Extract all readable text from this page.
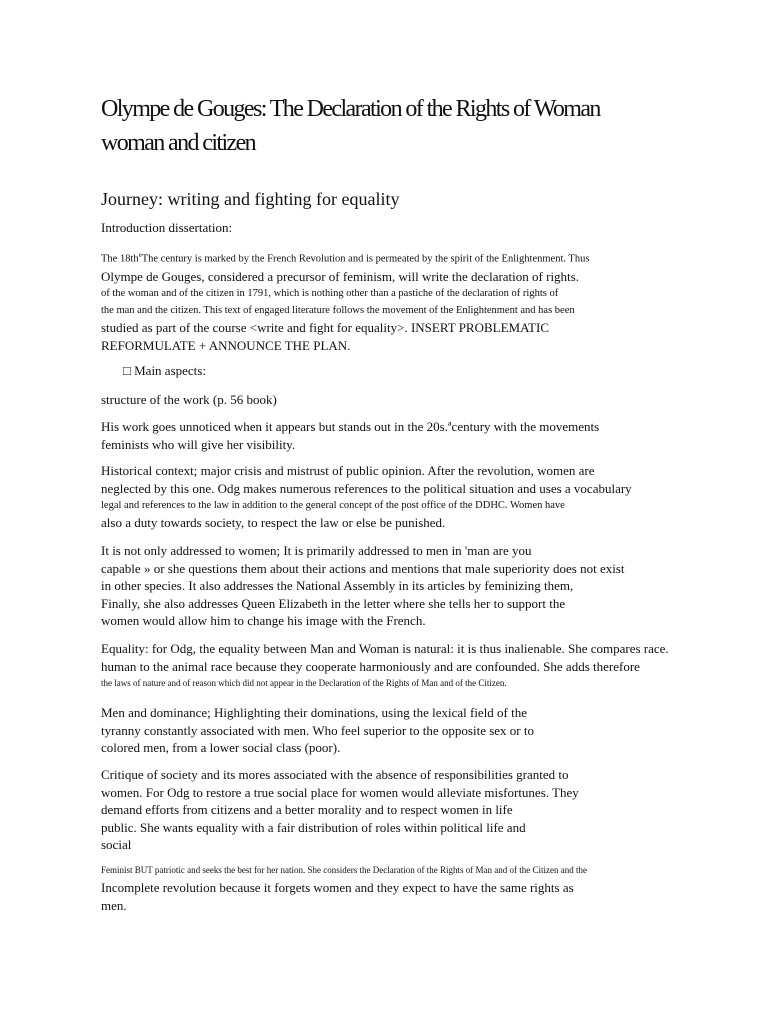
Olympe de Gouges: The Declaration of the Rights of Woman
woman and citizen
Journey: writing and fighting for equality
Introduction dissertation:
The $18th^eThe$ century is marked by the French Revolution and is permeated by the spirit of the Enlightenment. Thus
Olympe de Gouges, considered a precursor of feminism, will write the declaration of rights.
of the woman and of the citizen in 1791, which is nothing other than a pastiche of the declaration of rights of
the man and the citizen. This text of engaged literature follows the movement of the Enlightenment and has been
studied as part of the course <write and fight for equality>. INSERT PROBLEMATIC
REFORMULATE + ANNOUNCE THE PLAN.
□ Main aspects:
structure of the work (p. 56 book)
His work goes unnoticed when it appears but stands out in the 20s.ªcentury with the movements
feminists who will give her visibility.
Historical context; major crisis and mistrust of public opinion. After the revolution, women are
neglected by this one. Odg makes numerous references to the political situation and uses a vocabulary
legal and references to the law in addition to the general concept of the post office of the DDHC. Women have
also a duty towards society, to respect the law or else be punished.
It is not only addressed to women; It is primarily addressed to men in 'man are you
capable » or she questions them about their actions and mentions that male superiority does not exist
in other species. It also addresses the National Assembly in its articles by feminizing them,
Finally, she also addresses Queen Elizabeth in the letter where she tells her to support the
women would allow him to change his image with the French.
Equality: for Odg, the equality between Man and Woman is natural: it is thus inalienable. She compares race.
human to the animal race because they cooperate harmoniously and are confounded. She adds therefore
the laws of nature and of reason which did not appear in the Declaration of the Rights of Man and of the Citizen.
Men and dominance; Highlighting their dominations, using the lexical field of the
tyranny constantly associated with men. Who feel superior to the opposite sex or to
colored men, from a lower social class (poor).
Critique of society and its mores associated with the absence of responsibilities granted to
women. For Odg to restore a true social place for women would alleviate misfortunes. They
demand efforts from citizens and a better morality and to respect women in life
public. She wants equality with a fair distribution of roles within political life and
social
Feminist BUT patriotic and seeks the best for her nation. She considers the Declaration of the Rights of Man and of the Citizen and the
Incomplete revolution because it forgets women and they expect to have the same rights as
men.
